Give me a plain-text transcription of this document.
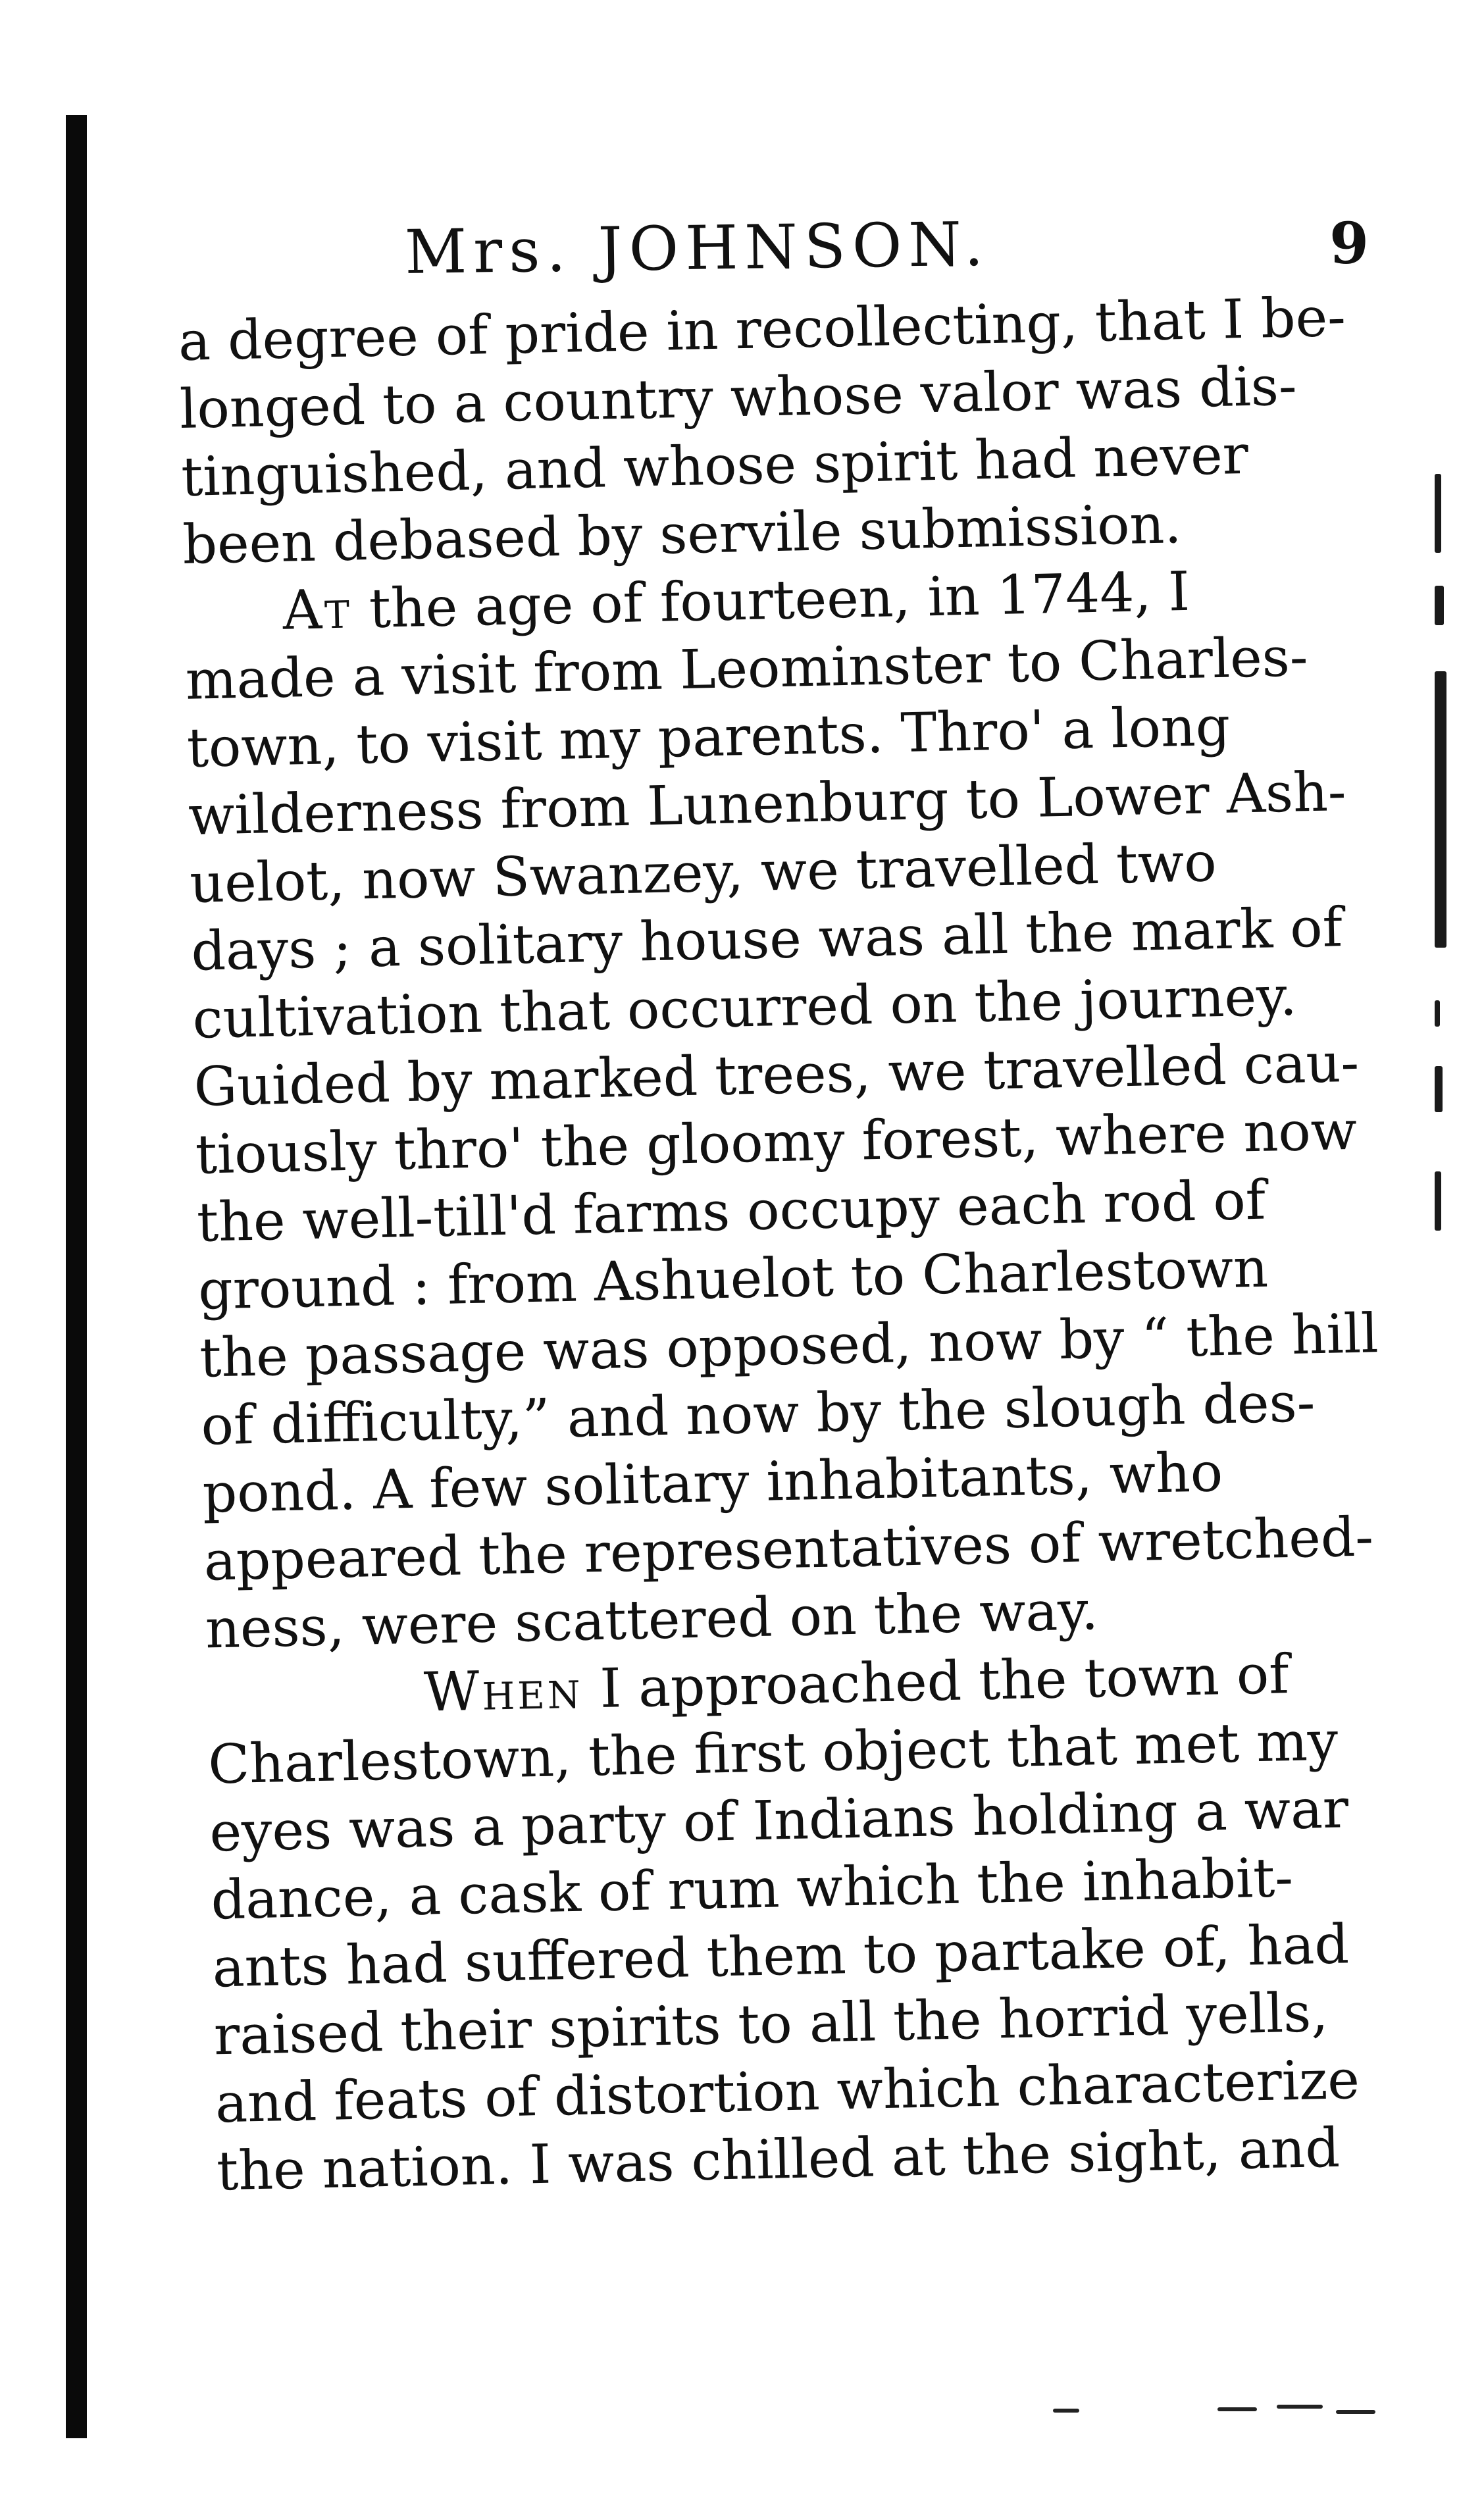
Mrs. JOHNSON.	9
a degree of pride in recollecting, that I be-
longed to a country whose valor was dis-
tinguished, and whose spirit had never
been debased by servile submission.
At the age of fourteen, in 1744, I
made a visit from Leominster to Charles-
town, to visit my parents. Thro' a long
wilderness from Lunenburg to Lower Ash-
uelot, now Swanzey, we travelled two
days ; a solitary house was all the mark of
cultivation that occurred on the journey.
Guided by marked trees, we travelled cau-
tiously thro' the gloomy forest, where now
the well-till'd farms occupy each rod of
ground : from Ashuelot to Charlestown
the passage was opposed, now by “ the hill
of difficulty,” and now by the slough des-
pond. A few solitary inhabitants, who
appeared the representatives of wretched-
ness, were scattered on the way.
When I approached the town of
Charlestown, the first object that met my
eyes was a party of Indians holding a war
dance, a cask of rum which the inhabit-
ants had suffered them to partake of, had
raised their spirits to all the horrid yells,
and feats of distortion which characterize
the nation. I was chilled at the sight, and
